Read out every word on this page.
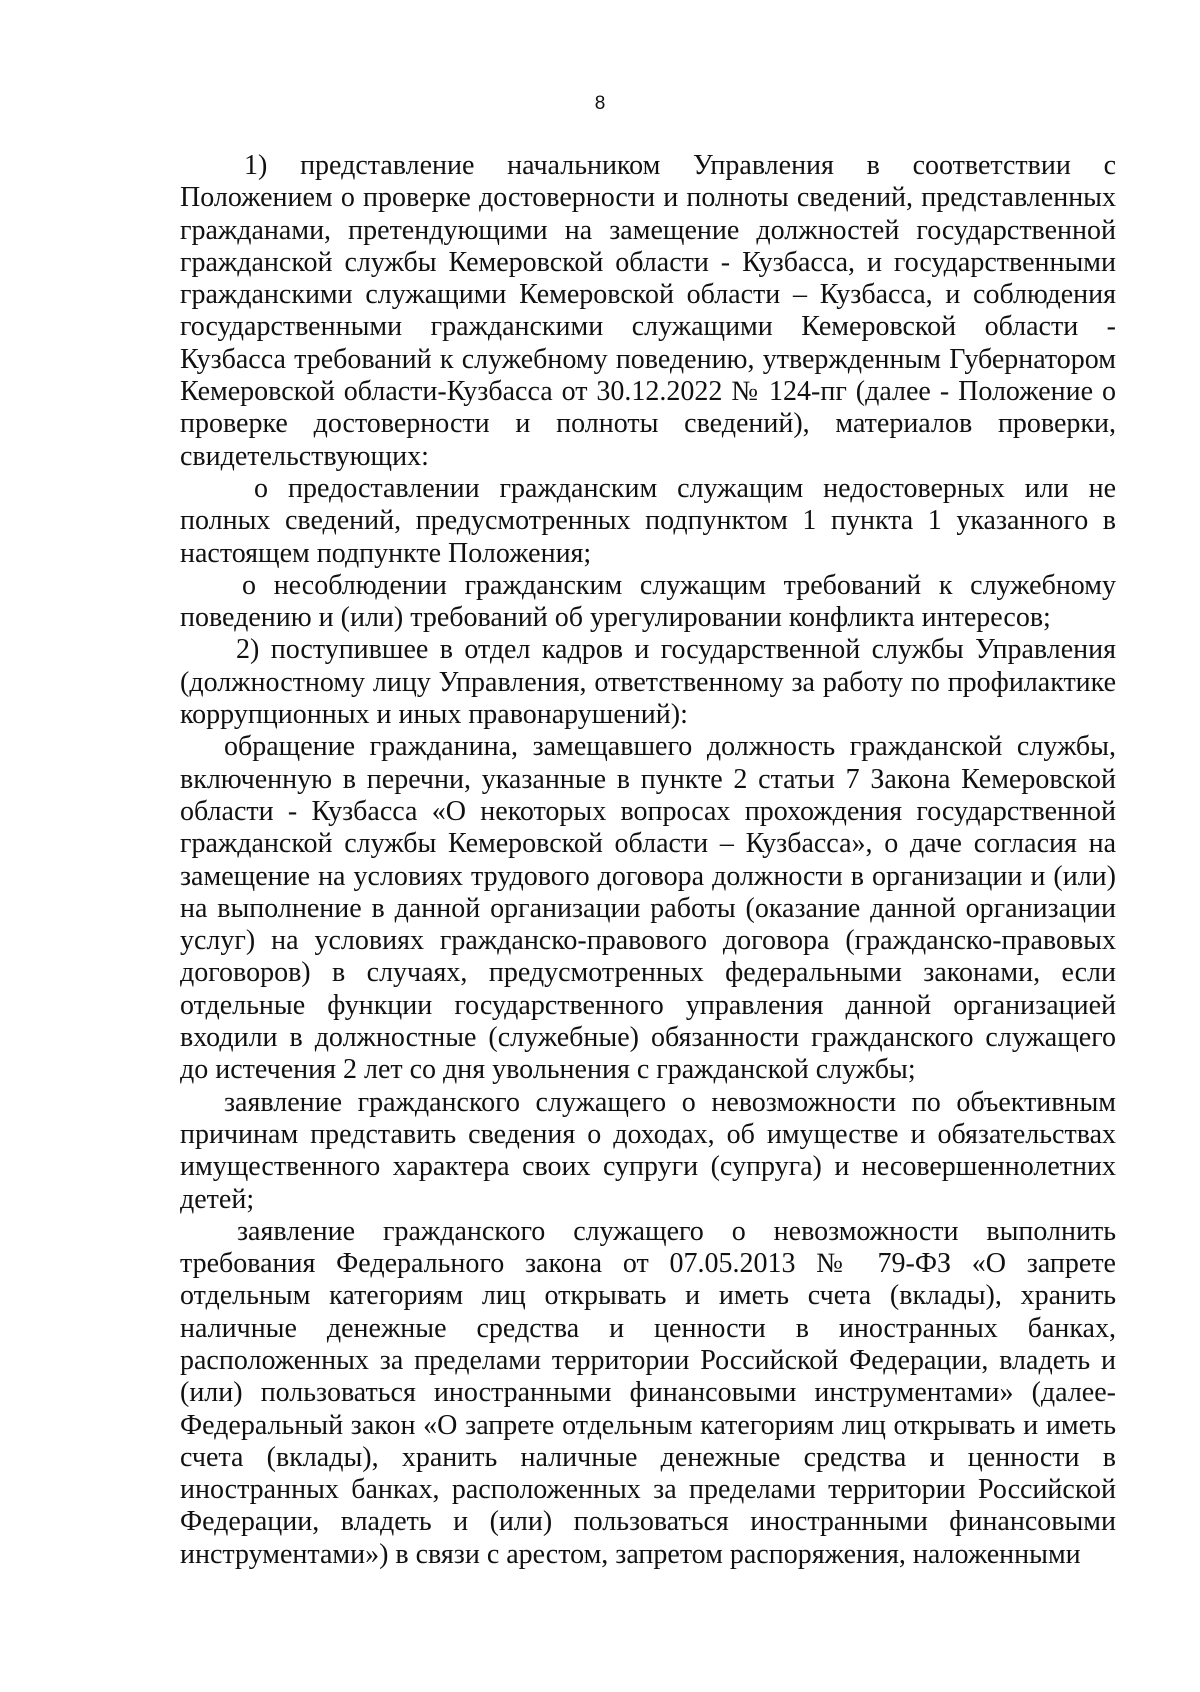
8

1) представление начальником Управления в соответствии с Положением о проверке достоверности и полноты сведений, представленных гражданами, претендующими на замещение должностей государственной гражданской службы Кемеровской области - Кузбасса, и государственными гражданскими служащими Кемеровской области – Кузбасса, и соблюдения государственными гражданскими служащими Кемеровской области - Кузбасса требований к служебному поведению, утвержденным Губернатором Кемеровской области-Кузбасса от 30.12.2022 № 124-пг (далее - Положение о проверке достоверности и полноты сведений), материалов проверки, свидетельствующих:

о предоставлении гражданским служащим недостоверных или не полных сведений, предусмотренных подпунктом 1 пункта 1 указанного в настоящем подпункте Положения;

о несоблюдении гражданским служащим требований к служебному поведению и (или) требований об урегулировании конфликта интересов;

2) поступившее в отдел кадров и государственной службы Управления (должностному лицу Управления, ответственному за работу по профилактике коррупционных и иных правонарушений):

обращение гражданина, замещавшего должность гражданской службы, включенную в перечни, указанные в пункте 2 статьи 7 Закона Кемеровской области - Кузбасса «О некоторых вопросах прохождения государственной гражданской службы Кемеровской области – Кузбасса», о даче согласия на замещение на условиях трудового договора должности в организации и (или) на выполнение в данной организации работы (оказание данной организации услуг) на условиях гражданско-правового договора (гражданско-правовых договоров) в случаях, предусмотренных федеральными законами, если отдельные функции государственного управления данной организацией входили в должностные (служебные) обязанности гражданского служащего до истечения 2 лет со дня увольнения с гражданской службы;

заявление гражданского служащего о невозможности по объективным причинам представить сведения о доходах, об имуществе и обязательствах имущественного характера своих супруги (супруга) и несовершеннолетних детей;

заявление гражданского служащего о невозможности выполнить требования Федерального закона от 07.05.2013 № 79-ФЗ «О запрете отдельным категориям лиц открывать и иметь счета (вклады), хранить наличные денежные средства и ценности в иностранных банках, расположенных за пределами территории Российской Федерации, владеть и (или) пользоваться иностранными финансовыми инструментами» (далее- Федеральный закон «О запрете отдельным категориям лиц открывать и иметь счета (вклады), хранить наличные денежные средства и ценности в иностранных банках, расположенных за пределами территории Российской Федерации, владеть и (или) пользоваться иностранными финансовыми инструментами») в связи с арестом, запретом распоряжения, наложенными
